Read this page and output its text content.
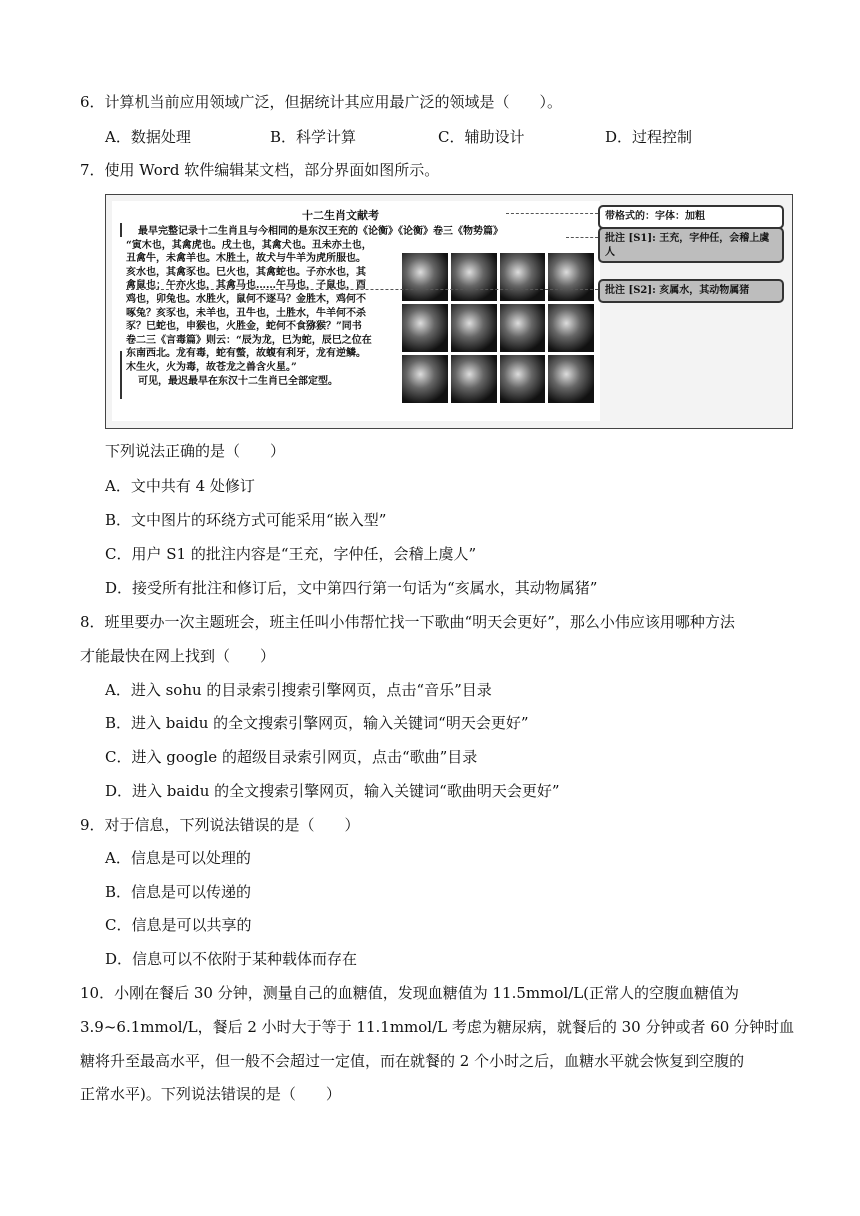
6．计算机当前应用领域广泛，但据统计其应用最广泛的领域是（　　）。
A．数据处理	B．科学计算	C．辅助设计	D．过程控制
7．使用 Word 软件编辑某文档，部分界面如图所示。
十二生肖文献考

最早完整记录十二生肖且与今相同的是东汉王充的《论衡》《论衡》卷三《物势篇》

“寅木也，其禽虎也。戌土也，其禽犬也。丑未亦土也，

丑禽牛，未禽羊也。木胜土，故犬与牛羊为虎所服也。

亥水也，其禽豕也。巳火也，其禽蛇也。子亦水也，其

禽鼠也；午亦火也，其禽马也……午马也，子鼠也，酉

鸡也，卯兔也。水胜火，鼠何不逐马？金胜木，鸡何不

啄兔？亥豕也，未羊也，丑牛也，土胜水，牛羊何不杀

豕？巳蛇也，申猴也，火胜金，蛇何不食猕猴？”同书

卷二三《言毒篇》则云：“辰为龙，巳为蛇，辰巳之位在

东南西北。龙有毒，蛇有螫，故蝮有利牙，龙有逆鳞。

木生火，火为毒，故苍龙之兽含火星。”

可见，最迟最早在东汉十二生肖已全部定型。

带格式的：字体：加粗
批注 [S1]: 王充，字仲任，会稽上虞人
批注 [S2]: 亥属水，其动物属猪
下列说法正确的是（　　）
A．文中共有 4 处修订
B．文中图片的环绕方式可能采用“嵌入型”
C．用户 S1 的批注内容是“王充，字仲任，会稽上虞人”
D．接受所有批注和修订后，文中第四行第一句话为“亥属水，其动物属猪”
8．班里要办一次主题班会，班主任叫小伟帮忙找一下歌曲“明天会更好”，那么小伟应该用哪种方法
才能最快在网上找到（　　）
A．进入 sohu 的目录索引搜索引擎网页，点击“音乐”目录
B．进入 baidu 的全文搜索引擎网页，输入关键词“明天会更好”
C．进入 google 的超级目录索引网页，点击“歌曲”目录
D．进入 baidu 的全文搜索引擎网页，输入关键词“歌曲明天会更好”
9．对于信息，下列说法错误的是（　　）
A．信息是可以处理的
B．信息是可以传递的
C．信息是可以共享的
D．信息可以不依附于某种载体而存在
10．小刚在餐后 30 分钟，测量自己的血糖值，发现血糖值为 11.5mmol/L(正常人的空腹血糖值为
3.9~6.1mmol/L，餐后 2 小时大于等于 11.1mmol/L 考虑为糖尿病，就餐后的 30 分钟或者 60 分钟时血
糖将升至最高水平，但一般不会超过一定值，而在就餐的 2 个小时之后，血糖水平就会恢复到空腹的
正常水平)。下列说法错误的是（　　）
